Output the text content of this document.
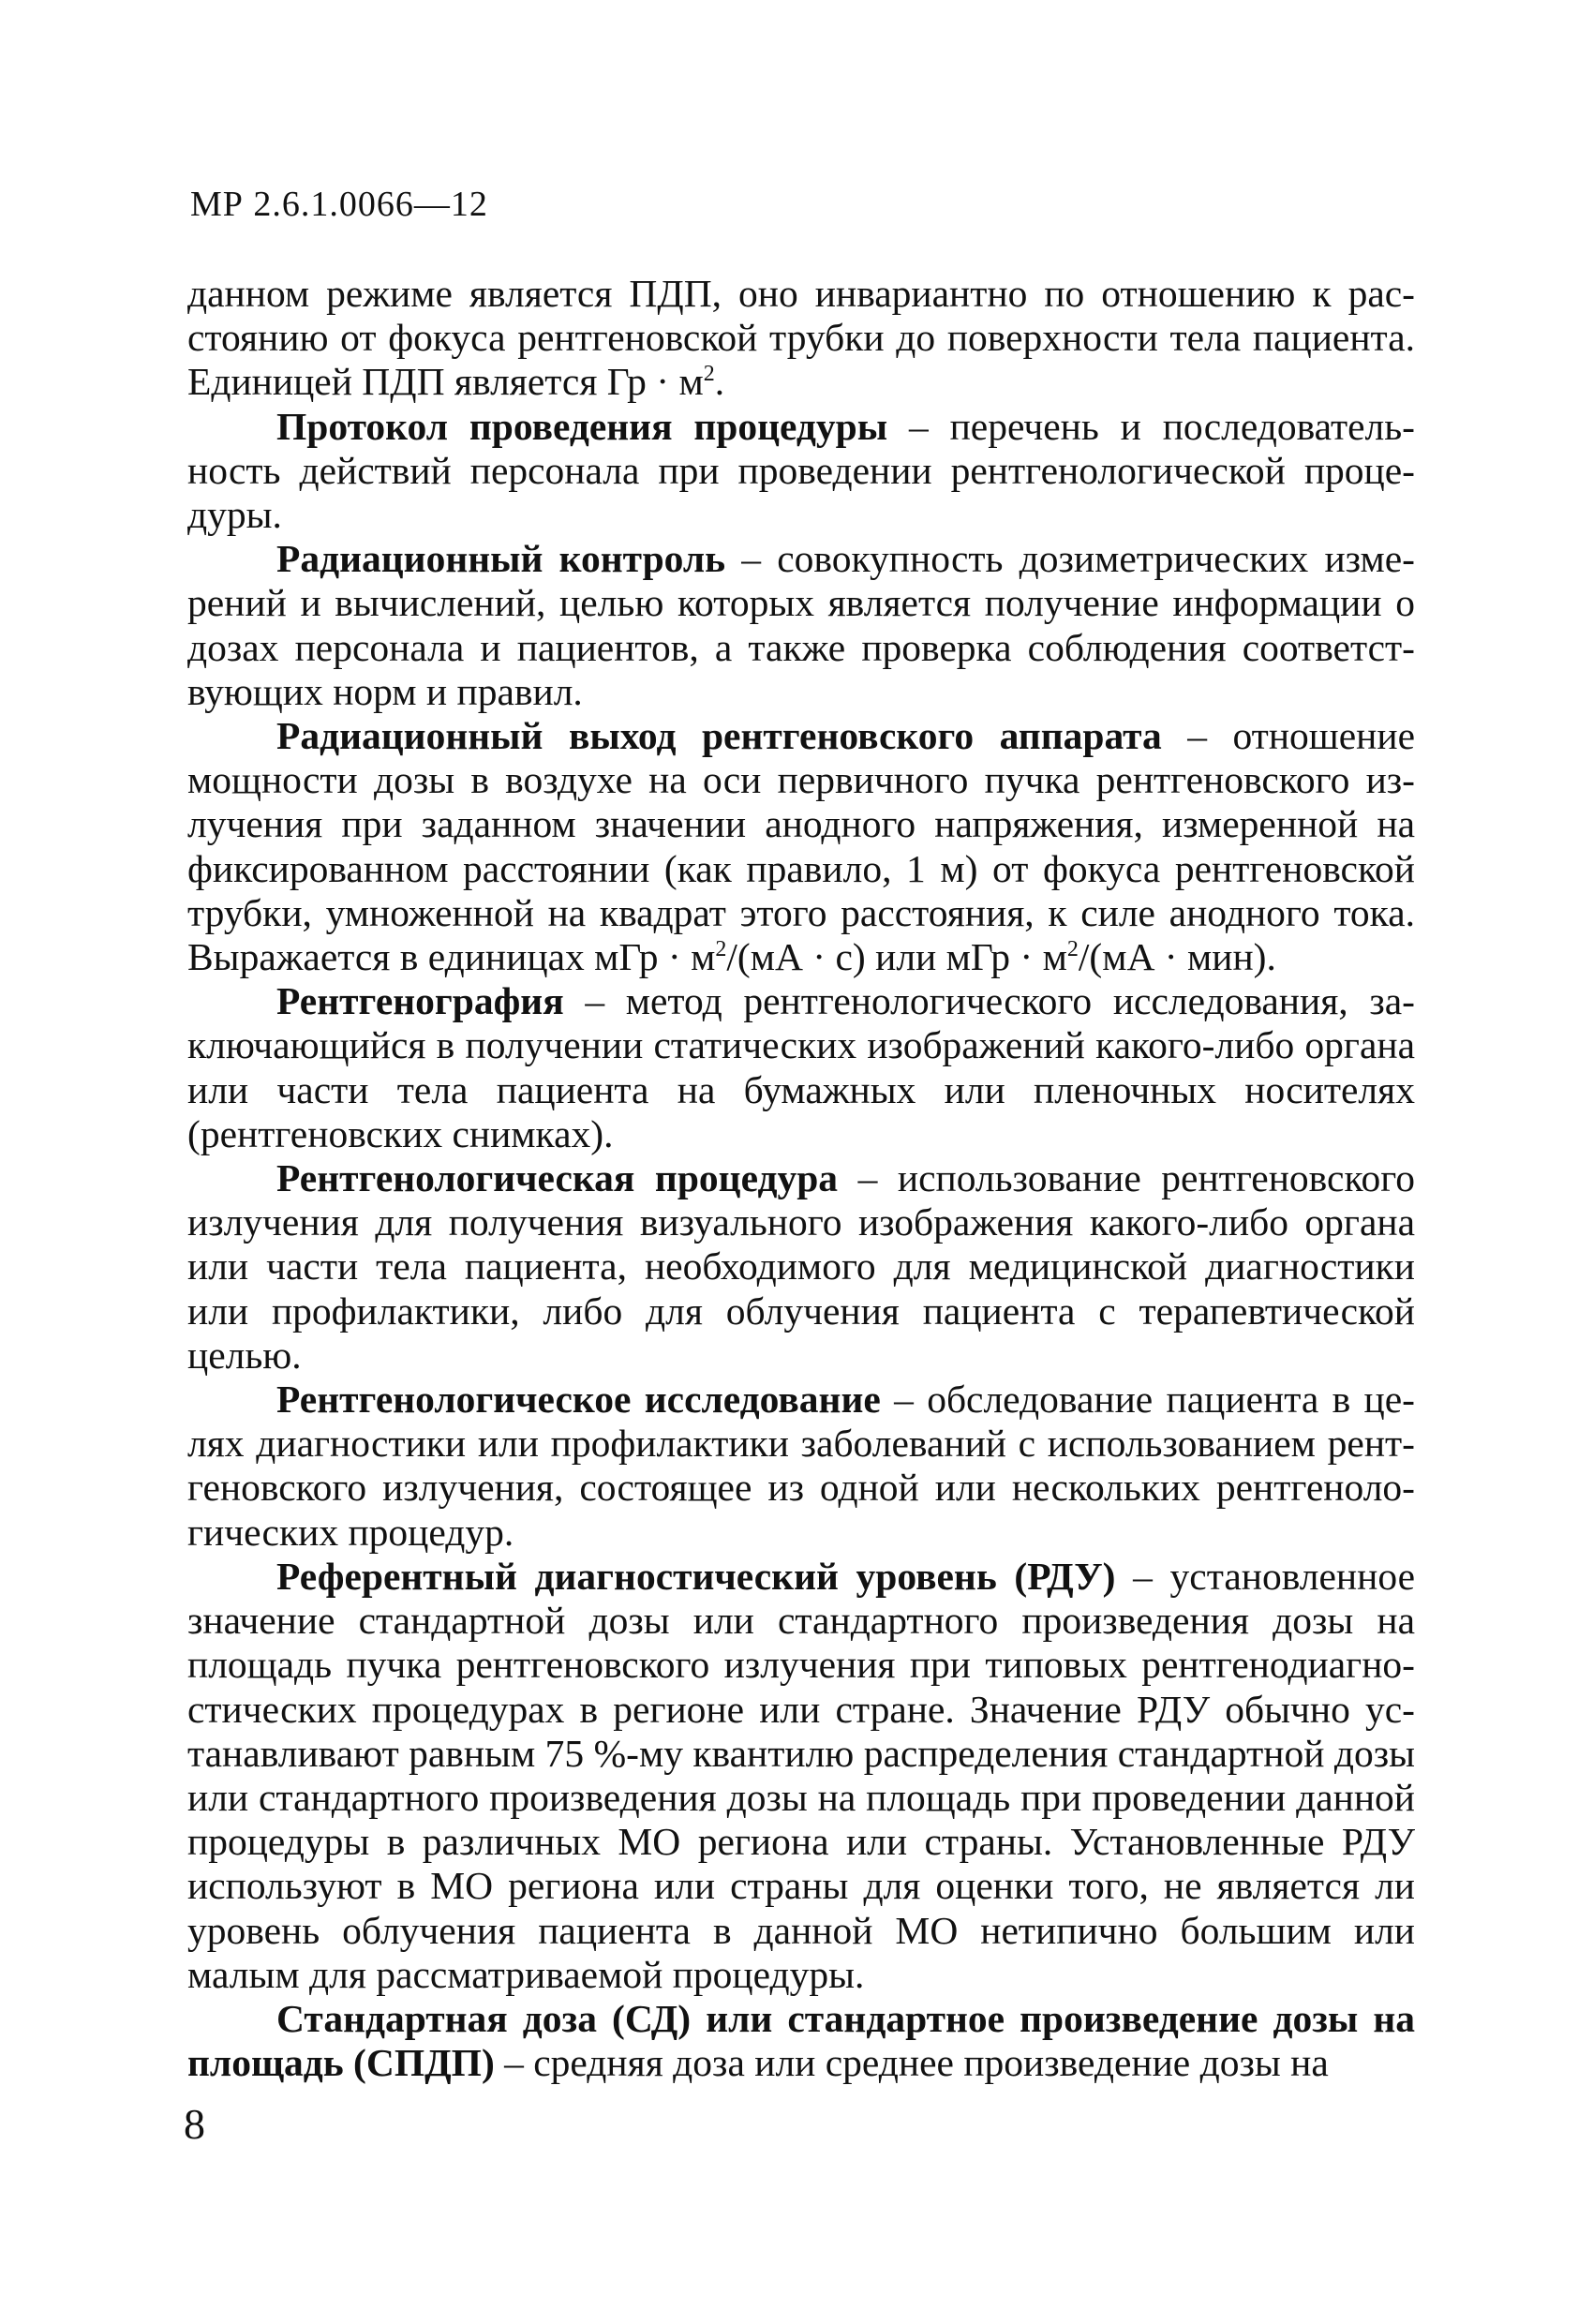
МР 2.6.1.0066—12

данном режиме является ПДП, оно инвариантно по отношению к расстоянию от фокуса рентгеновской трубки до поверхности тела пациента. Единицей ПДП является Гр · $м^2$.

Протокол проведения процедуры – перечень и последовательность действий персонала при проведении рентгенологической процедуры.

Радиационный контроль – совокупность дозиметрических измерений и вычислений, целью которых является получение информации о дозах персонала и пациентов, а также проверка соблюдения соответствующих норм и правил.

Радиационный выход рентгеновского аппарата – отношение мощности дозы в воздухе на оси первичного пучка рентгеновского излучения при заданном значении анодного напряжения, измеренной на фиксированном расстоянии (как правило, 1 м) от фокуса рентгеновской трубки, умноженной на квадрат этого расстояния, к силе анодного тока. Выражается в единицах мГр · $м^2/(мА \cdot с)$ или мГр · $м^2/(мА \cdot мин)$.

Рентгенография – метод рентгенологического исследования, заключающийся в получении статических изображений какого-либо органа или части тела пациента на бумажных или пленочных носителях (рентгеновских снимках).

Рентгенологическая процедура – использование рентгеновского излучения для получения визуального изображения какого-либо органа или части тела пациента, необходимого для медицинской диагностики или профилактики, либо для облучения пациента с терапевтической целью.

Рентгенологическое исследование – обследование пациента в целях диагностики или профилактики заболеваний с использованием рентгеновского излучения, состоящее из одной или нескольких рентгенологических процедур.

Референтный диагностический уровень (РДУ) – установленное значение стандартной дозы или стандартного произведения дозы на площадь пучка рентгеновского излучения при типовых рентгенодиагностических процедурах в регионе или стране. Значение РДУ обычно устанавливают равным 75 %-му квантилю распределения стандартной дозы или стандартного произведения дозы на площадь при проведении данной процедуры в различных МО региона или страны. Установленные РДУ используют в МО региона или страны для оценки того, не является ли уровень облучения пациента в данной МО нетипично большим или малым для рассматриваемой процедуры.

Стандартная доза (СД) или стандартное произведение дозы на площадь (СПДП) – средняя доза или среднее произведение дозы на

8
